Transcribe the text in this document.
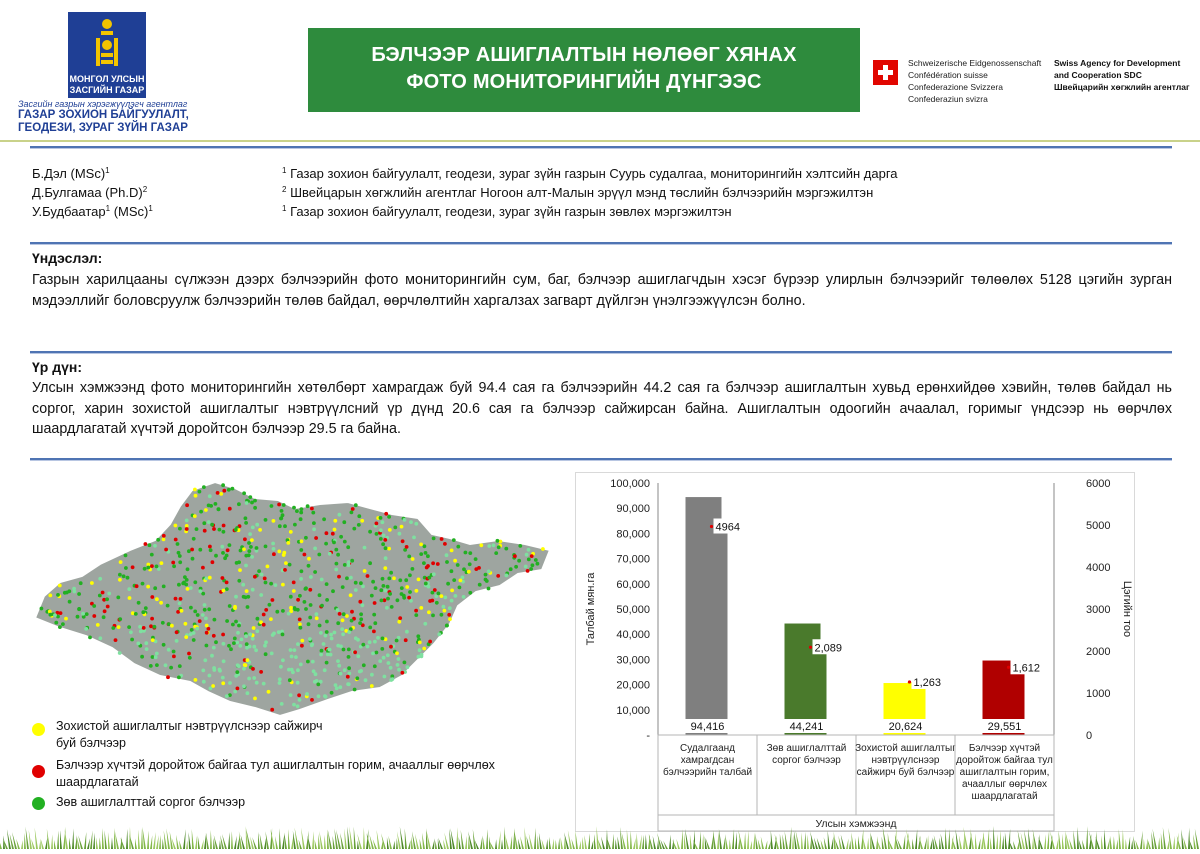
МОНГОЛ УЛСЫН
ЗАСГИЙН ГАЗАР
Засгийн газрын хэрэгжүүлэгч агентлаг
ГАЗАР ЗОХИОН БАЙГУУЛАЛТ,
ГЕОДЕЗИ, ЗУРАГ ЗҮЙН ГАЗАР
БЭЛЧЭЭР АШИГЛАЛТЫН НӨЛӨӨГ ХЯНАХ
ФОТО МОНИТОРИНГИЙН ДҮНГЭЭС
Schweizerische Eidgenossenschaft
Confédération suisse
Confederazione Svizzera
Confederaziun svizra
Swiss Agency for Development
and Cooperation SDC
Швейцарийн хөгжлийн агентлаг
Б.Дэл (MSc)$^1$
Д.Булгамаа $(Ph.D)^2$
У.Будбаатар$^1$ (MSc)$^1$
$^1$ Газар зохион байгуулалт, геодези, зураг зүйн газрын Суурь судалгаа, мониторингийн хэлтсийн дарга
$^2$ Швейцарын хөгжлийн агентлаг Ногоон алт-Малын эрүүл мэнд төслийн бэлчээрийн мэргэжилтэн
$^1$ Газар зохион байгуулалт, геодези, зураг зүйн газрын зөвлөх мэргэжилтэн
Үндэслэл:
Газрын харилцааны сүлжээн дээрх бэлчээрийн фото мониторингийн сум, баг, бэлчээр ашиглагчдын хэсэг бүрээр улирлын бэлчээрийг төлөөлөх 5128 цэгийн зурган мэдээллийг боловсруулж бэлчээрийн төлөв байдал, өөрчлөлтийн харгалзах загварт дүйлгэн үнэлгээжүүлсэн болно.
Үр дүн:
Улсын хэмжээнд фото мониторингийн хөтөлбөрт хамрагдаж буй 94.4 сая га бэлчээрийн 44.2 сая га бэлчээр ашиглалтын хувьд ерөнхийдөө хэвийн, төлөв байдал нь соргог, харин зохистой ашиглалтыг нэвтрүүлсний үр дүнд 20.6 сая га бэлчээр сайжирсан байна. Ашиглалтын одоогийн ачаалал, горимыг үндсээр нь өөрчлөх шаардлагатай хүчтэй доройтсон бэлчээр 29.5 га байна.
Зохистой ашиглалтыг нэвтрүүлснээр сайжирч
буй бэлчээр
Бэлчээр хүчтэй доройтож байгаа тул ашиглалтын горим, ачааллыг өөрчлөх
шаардлагатай
Зөв ашиглалттай соргог бэлчээр
-
10,000
20,000
30,000
40,000
50,000
60,000
70,000
80,000
90,000
100,000
0
1000
2000
3000
4000
5000
6000
Талбай мян.га	Цэгийн тоо
94,416
4964
Судалгаанд
хамрагдсан
бэлчээрийн талбай
44,241
2,089
Зөв ашиглалттай
соргог бэлчээр
20,624
1,263
Зохистой ашиглалтыг
нэвтрүүлснээр
сайжирч буй бэлчээр
29,551
1,612
Бэлчээр хүчтэй
доройтож байгаа тул
ашиглалтын горим,
ачааллыг өөрчлөх
шаардлагатай
Улсын хэмжээнд
